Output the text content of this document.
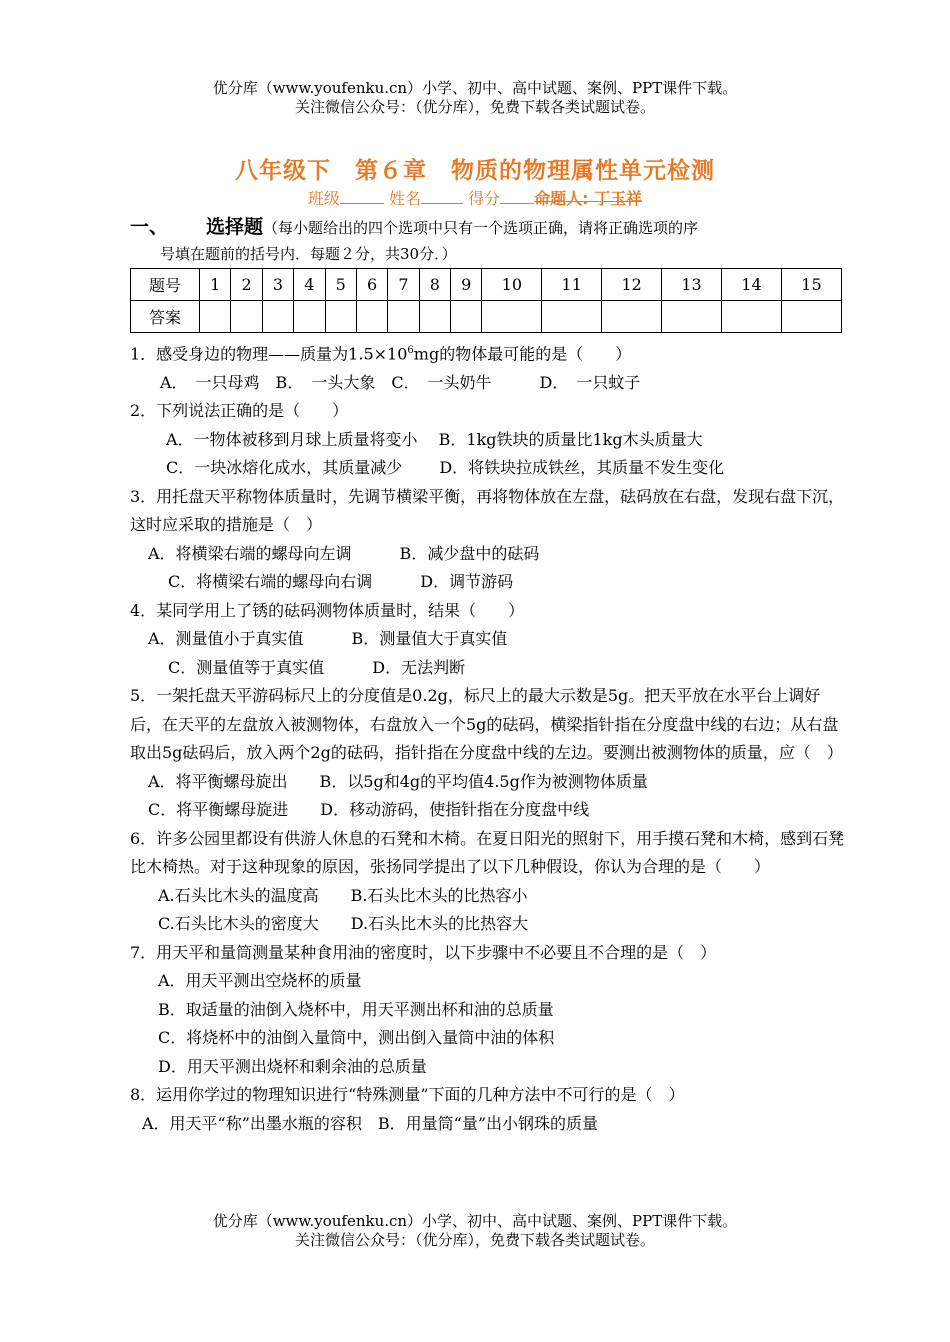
优分库（www.youfenku.cn）小学、初中、高中试题、案例、PPT课件下载。
关注微信公众号：（优分库），免费下载各类试题试卷。
八年级下　第６章　物质的物理属性单元检测
班级	姓名	得分 命题人: 丁玉祥
一、 选择题（每小题给出的四个选项中只有一个选项正确，请将正确选项的序
号填在题前的括号内．每题２分，共30分．）
题号	1	2	3	4	5	6	7	8	9	10	11	12	13	14	15
答案															

1．感受身边的物理——质量为$1.5\times 10^6mg$的物体最可能的是（　　）

A．　一只母鸡　B．　一头大象　C．　一头奶牛　　　D．　一只蚊子

2．下列说法正确的是（　　）

A．一物体被移到月球上质量将变小　 B．1kg铁块的质量比1kg木头质量大

C．一块冰熔化成水，其质量减少　　 D．将铁块拉成铁丝，其质量不发生变化

3．用托盘天平称物体质量时，先调节横梁平衡，再将物体放在左盘，砝码放在右盘，发现右盘下沉，这时应采取的措施是（　）

A．将横梁右端的螺母向左调　　　B．减少盘中的砝码

C．将横梁右端的螺母向右调　　　D．调节游码

4．某同学用上了锈的砝码测物体质量时，结果（　　）

A．测量值小于真实值　　　B．测量值大于真实值

C．测量值等于真实值　　　D．无法判断

5．一架托盘天平游码标尺上的分度值是0.2g，标尺上的最大示数是5g。把天平放在水平台上调好后，在天平的左盘放入被测物体，右盘放入一个5g的砝码，横梁指针指在分度盘中线的右边；从右盘取出5g砝码后，放入两个2g的砝码，指针指在分度盘中线的左边。要测出被测物体的质量，应（　）

A．将平衡螺母旋出　　B．以5g和4g的平均值4.5g作为被测物体质量

C．将平衡螺母旋进　　D．移动游码，使指针指在分度盘中线

6．许多公园里都设有供游人休息的石凳和木椅。在夏日阳光的照射下，用手摸石凳和木椅，感到石凳比木椅热。对于这种现象的原因，张扬同学提出了以下几种假设，你认为合理的是（　　）

A.石头比木头的温度高　　B.石头比木头的比热容小

C.石头比木头的密度大　　D.石头比木头的比热容大

7．用天平和量筒测量某种食用油的密度时，以下步骤中不必要且不合理的是（　）

A．用天平测出空烧杯的质量

B．取适量的油倒入烧杯中，用天平测出杯和油的总质量

C．将烧杯中的油倒入量筒中，测出倒入量筒中油的体积

D．用天平测出烧杯和剩余油的总质量

8．运用你学过的物理知识进行“特殊测量”下面的几种方法中不可行的是（　）

A．用天平“称”出墨水瓶的容积　B．用量筒“量”出小钢珠的质量

优分库（www.youfenku.cn）小学、初中、高中试题、案例、PPT课件下载。
关注微信公众号：（优分库），免费下载各类试题试卷。
